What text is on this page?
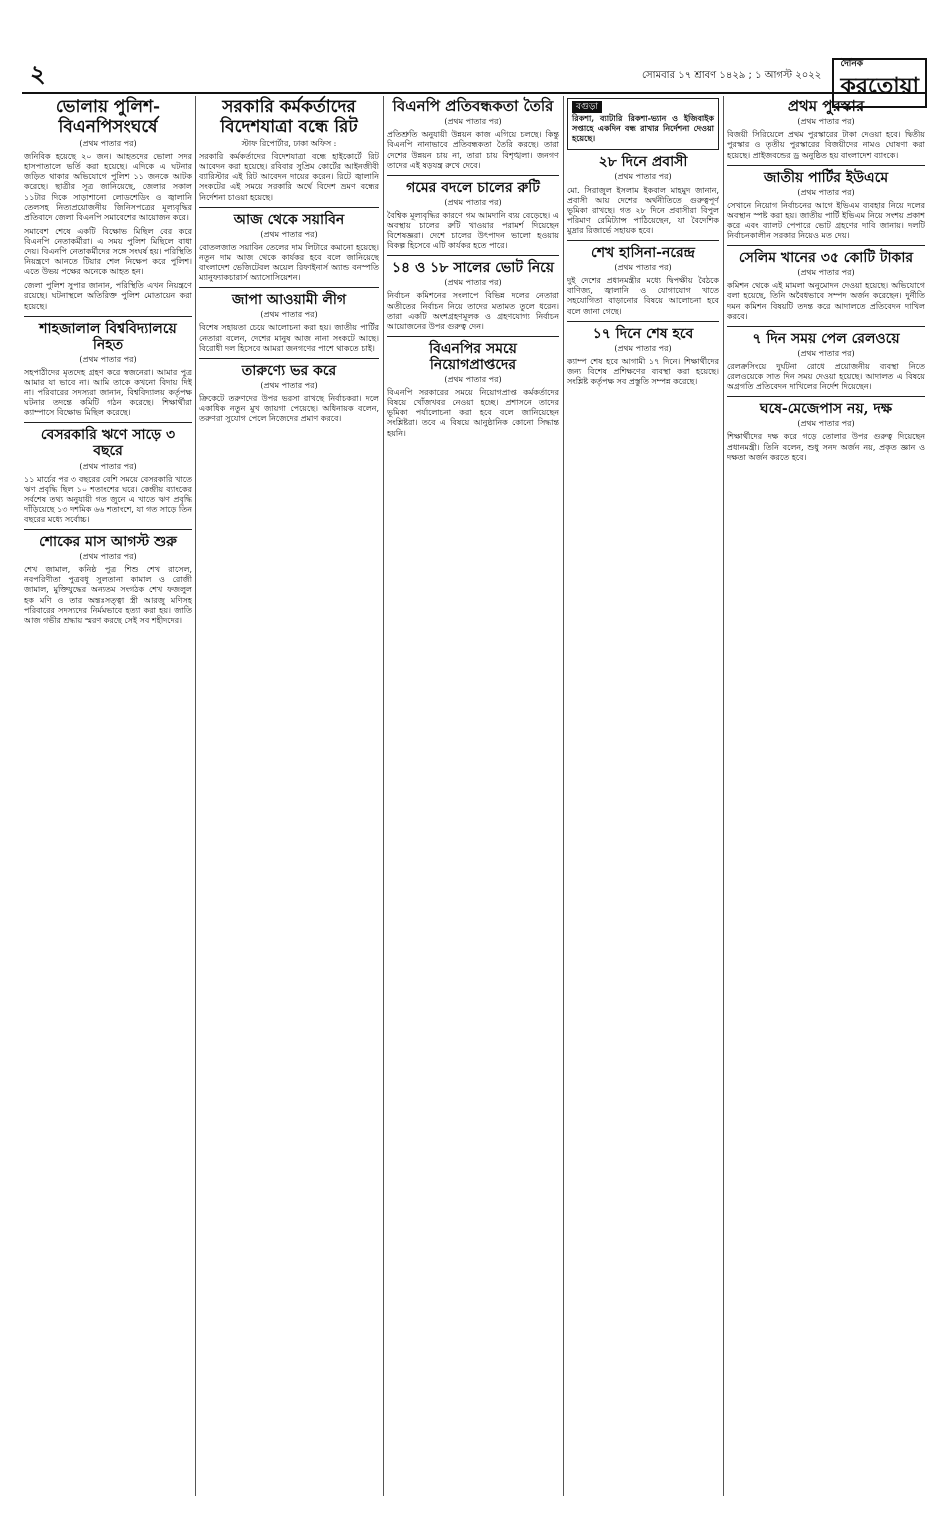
২	সোমবার ১৭ শ্রাবণ ১৪২৯ ; ১ আগস্ট ২০২২
দৈনিক
করতোয়া
ভোলায় পুলিশ-বিএনপিসংঘর্ষে
(প্রথম পাতার পর)

জনিবিক হয়েছে ২০ জন। আহতদের ভোলা সদর হাসপাতালে ভর্তি করা হয়েছে। এদিকে এ ঘটনার জড়িত থাকার অভিযোগে পুলিশ ১১ জনকে আটক করেছে। ছাত্রীর সূত্র জানিয়েছে, জেলার সকাল ১১টার দিকে সাড়াশানো লোডশেডিং ও জ্বালানি তেলসহ নিত্যপ্রয়োজনীয় জিনিসপত্রের মূল্যবৃদ্ধির প্রতিবাদে জেলা বিএনপি সমাবেশের আয়োজন করে।

সমাবেশ শেষে একটি বিক্ষোভ মিছিল বের করে বিএনপি নেতাকর্মীরা। এ সময় পুলিশ মিছিলে বাধা দেয়। বিএনপি নেতাকর্মীদের সঙ্গে সংঘর্ষ হয়। পরিস্থিতি নিয়ন্ত্রণে আনতে টিয়ার শেল নিক্ষেপ করে পুলিশ। এতে উভয় পক্ষের অনেকে আহত হন।

জেলা পুলিশ সুপার জানান, পরিস্থিতি এখন নিয়ন্ত্রণে রয়েছে। ঘটনাস্থলে অতিরিক্ত পুলিশ মোতায়েন করা হয়েছে।

শাহজালাল বিশ্ববিদ্যালয়ে নিহত
(প্রথম পাতার পর)

সহপাঠীদের মৃতদেহ গ্রহণ করে স্বজনেরা। আমার পুত্র আমার যা ভাবে না। আমি তাকে কখনো বিদায় দিই না। পরিবারের সদস্যরা জানান, বিশ্ববিদ্যালয় কর্তৃপক্ষ ঘটনার তদন্তে কমিটি গঠন করেছে। শিক্ষার্থীরা ক্যাম্পাসে বিক্ষোভ মিছিল করেছে।

বেসরকারি ঋণে সাড়ে ৩ বছরে
(প্রথম পাতার পর)

১১ মার্চের পর ৩ বছরের বেশি সময়ে বেসরকারি খাতে ঋণ প্রবৃদ্ধি ছিল ১০ শতাংশের ঘরে। কেন্দ্রীয় ব্যাংকের সর্বশেষ তথ্য অনুযায়ী গত জুনে এ খাতে ঋণ প্রবৃদ্ধি দাঁড়িয়েছে ১৩ দশমিক ৬৬ শতাংশে, যা গত সাড়ে তিন বছরের মধ্যে সর্বোচ্চ।

শোকের মাস আগস্ট শুরু
(প্রথম পাতার পর)

শেখ জামাল, কনিষ্ঠ পুত্র শিশু শেখ রাসেল, নবপরিণীতা পুত্রবধূ সুলতানা কামাল ও রোজী জামাল, মুক্তিযুদ্ধের অন্যতম সংগঠক শেখ ফজলুল হক মণি ও তার অন্তঃসত্ত্বা স্ত্রী আরজু মণিসহ পরিবারের সদস্যদের নির্মমভাবে হত্যা করা হয়। জাতি আজ গভীর শ্রদ্ধায় স্মরণ করছে সেই সব শহীদদের।

সরকারি কর্মকর্তাদের বিদেশযাত্রা বন্ধে রিট
স্টাফ রিপোর্টার, ঢাকা অফিস :

সরকারি কর্মকর্তাদের বিদেশযাত্রা বন্ধে হাইকোর্টে রিট আবেদন করা হয়েছে। রবিবার সুপ্রিম কোর্টের আইনজীবী ব্যারিস্টার এই রিট আবেদন দায়ের করেন। রিটে জ্বালানি সংকটের এই সময়ে সরকারি অর্থে বিদেশ ভ্রমণ বন্ধের নির্দেশনা চাওয়া হয়েছে।

আজ থেকে সয়াবিন
(প্রথম পাতার পর)

বোতলজাত সয়াবিন তেলের দাম লিটারে কমানো হয়েছে। নতুন দাম আজ থেকে কার্যকর হবে বলে জানিয়েছে বাংলাদেশ ভেজিটেবল অয়েল রিফাইনার্স অ্যান্ড বনস্পতি ম্যানুফ্যাকচারার্স অ্যাসোসিয়েশন।

জাপা আওয়ামী লীগ
(প্রথম পাতার পর)

বিশেষ সহায়তা চেয়ে আলোচনা করা হয়। জাতীয় পার্টির নেতারা বলেন, দেশের মানুষ আজ নানা সংকটে আছে। বিরোধী দল হিসেবে আমরা জনগণের পাশে থাকতে চাই।

তারুণ্যে ভর করে
(প্রথম পাতার পর)

ক্রিকেটে তরুণদের উপর ভরসা রাখছে নির্বাচকরা। দলে একাধিক নতুন মুখ জায়গা পেয়েছে। অধিনায়ক বলেন, তরুণরা সুযোগ পেলে নিজেদের প্রমাণ করবে।

বিএনপি প্রতিবন্ধকতা তৈরি
(প্রথম পাতার পর)

প্রতিশ্রুতি অনুযায়ী উন্নয়ন কাজ এগিয়ে চলছে। কিন্তু বিএনপি নানাভাবে প্রতিবন্ধকতা তৈরি করছে। তারা দেশের উন্নয়ন চায় না, তারা চায় বিশৃঙ্খলা। জনগণ তাদের এই ষড়যন্ত্র রুখে দেবে।

গমের বদলে চালের রুটি
(প্রথম পাতার পর)

বৈশ্বিক মূল্যবৃদ্ধির কারণে গম আমদানি ব্যয় বেড়েছে। এ অবস্থায় চালের রুটি খাওয়ার পরামর্শ দিয়েছেন বিশেষজ্ঞরা। দেশে চালের উৎপাদন ভালো হওয়ায় বিকল্প হিসেবে এটি কার্যকর হতে পারে।

১৪ ও ১৮ সালের ভোট নিয়ে
(প্রথম পাতার পর)

নির্বাচন কমিশনের সংলাপে বিভিন্ন দলের নেতারা অতীতের নির্বাচন নিয়ে তাদের মতামত তুলে ধরেন। তারা একটি অংশগ্রহণমূলক ও গ্রহণযোগ্য নির্বাচন আয়োজনের উপর গুরুত্ব দেন।

বিএনপির সময়ে নিয়োগপ্রাপ্তদের
(প্রথম পাতার পর)

বিএনপি সরকারের সময়ে নিয়োগপ্রাপ্ত কর্মকর্তাদের বিষয়ে খোঁজখবর নেওয়া হচ্ছে। প্রশাসনে তাদের ভূমিকা পর্যালোচনা করা হবে বলে জানিয়েছেন সংশ্লিষ্টরা। তবে এ বিষয়ে আনুষ্ঠানিক কোনো সিদ্ধান্ত হয়নি।

বগুড়া

রিকশা, ব্যাটারি রিকশা-ভ্যান ও ইজিবাইক সপ্তাহে একদিন বন্ধ রাখার নির্দেশনা দেওয়া হয়েছে।

২৮ দিনে প্রবাসী
(প্রথম পাতার পর)

মো. সিরাজুল ইসলাম ইকবাল মাহমুদ জানান, প্রবাসী আয় দেশের অর্থনীতিতে গুরুত্বপূর্ণ ভূমিকা রাখছে। গত ২৮ দিনে প্রবাসীরা বিপুল পরিমাণ রেমিট্যান্স পাঠিয়েছেন, যা বৈদেশিক মুদ্রার রিজার্ভে সহায়ক হবে।

শেখ হাসিনা-নরেন্দ্র
(প্রথম পাতার পর)

দুই দেশের প্রধানমন্ত্রীর মধ্যে দ্বিপক্ষীয় বৈঠকে বাণিজ্য, জ্বালানি ও যোগাযোগ খাতে সহযোগিতা বাড়ানোর বিষয়ে আলোচনা হবে বলে জানা গেছে।

১৭ দিনে শেষ হবে
(প্রথম পাতার পর)

ক্যাম্প শেষ হবে আগামী ১৭ দিনে। শিক্ষার্থীদের জন্য বিশেষ প্রশিক্ষণের ব্যবস্থা করা হয়েছে। সংশ্লিষ্ট কর্তৃপক্ষ সব প্রস্তুতি সম্পন্ন করেছে।

প্রথম পুরস্কার
(প্রথম পাতার পর)

বিজয়ী সিরিয়েলে প্রথম পুরস্কারের টাকা দেওয়া হবে। দ্বিতীয় পুরস্কার ও তৃতীয় পুরস্কারের বিজয়ীদের নামও ঘোষণা করা হয়েছে। প্রাইজবন্ডের ড্র অনুষ্ঠিত হয় বাংলাদেশ ব্যাংকে।

জাতীয় পার্টির ইউএমে
(প্রথম পাতার পর)

সেখানে নিয়োগ নির্বাচনের আগে ইভিএম ব্যবহার নিয়ে দলের অবস্থান স্পষ্ট করা হয়। জাতীয় পার্টি ইভিএম নিয়ে সংশয় প্রকাশ করে এবং ব্যালট পেপারে ভোট গ্রহণের দাবি জানায়। দলটি নির্বাচনকালীন সরকার নিয়েও মত দেয়।

সেলিম খানের ৩৫ কোটি টাকার
(প্রথম পাতার পর)

কমিশন থেকে এই মামলা অনুমোদন দেওয়া হয়েছে। অভিযোগে বলা হয়েছে, তিনি অবৈধভাবে সম্পদ অর্জন করেছেন। দুর্নীতি দমন কমিশন বিষয়টি তদন্ত করে আদালতে প্রতিবেদন দাখিল করবে।

৭ দিন সময় পেল রেলওয়ে
(প্রথম পাতার পর)

রেলক্রসিংয়ে দুর্ঘটনা রোধে প্রয়োজনীয় ব্যবস্থা নিতে রেলওয়েকে সাত দিন সময় দেওয়া হয়েছে। আদালত এ বিষয়ে অগ্রগতি প্রতিবেদন দাখিলের নির্দেশ দিয়েছেন।

ঘষে-মেজেপাস নয়, দক্ষ
(প্রথম পাতার পর)

শিক্ষার্থীদের দক্ষ করে গড়ে তোলার উপর গুরুত্ব দিয়েছেন প্রধানমন্ত্রী। তিনি বলেন, শুধু সনদ অর্জন নয়, প্রকৃত জ্ঞান ও দক্ষতা অর্জন করতে হবে।
